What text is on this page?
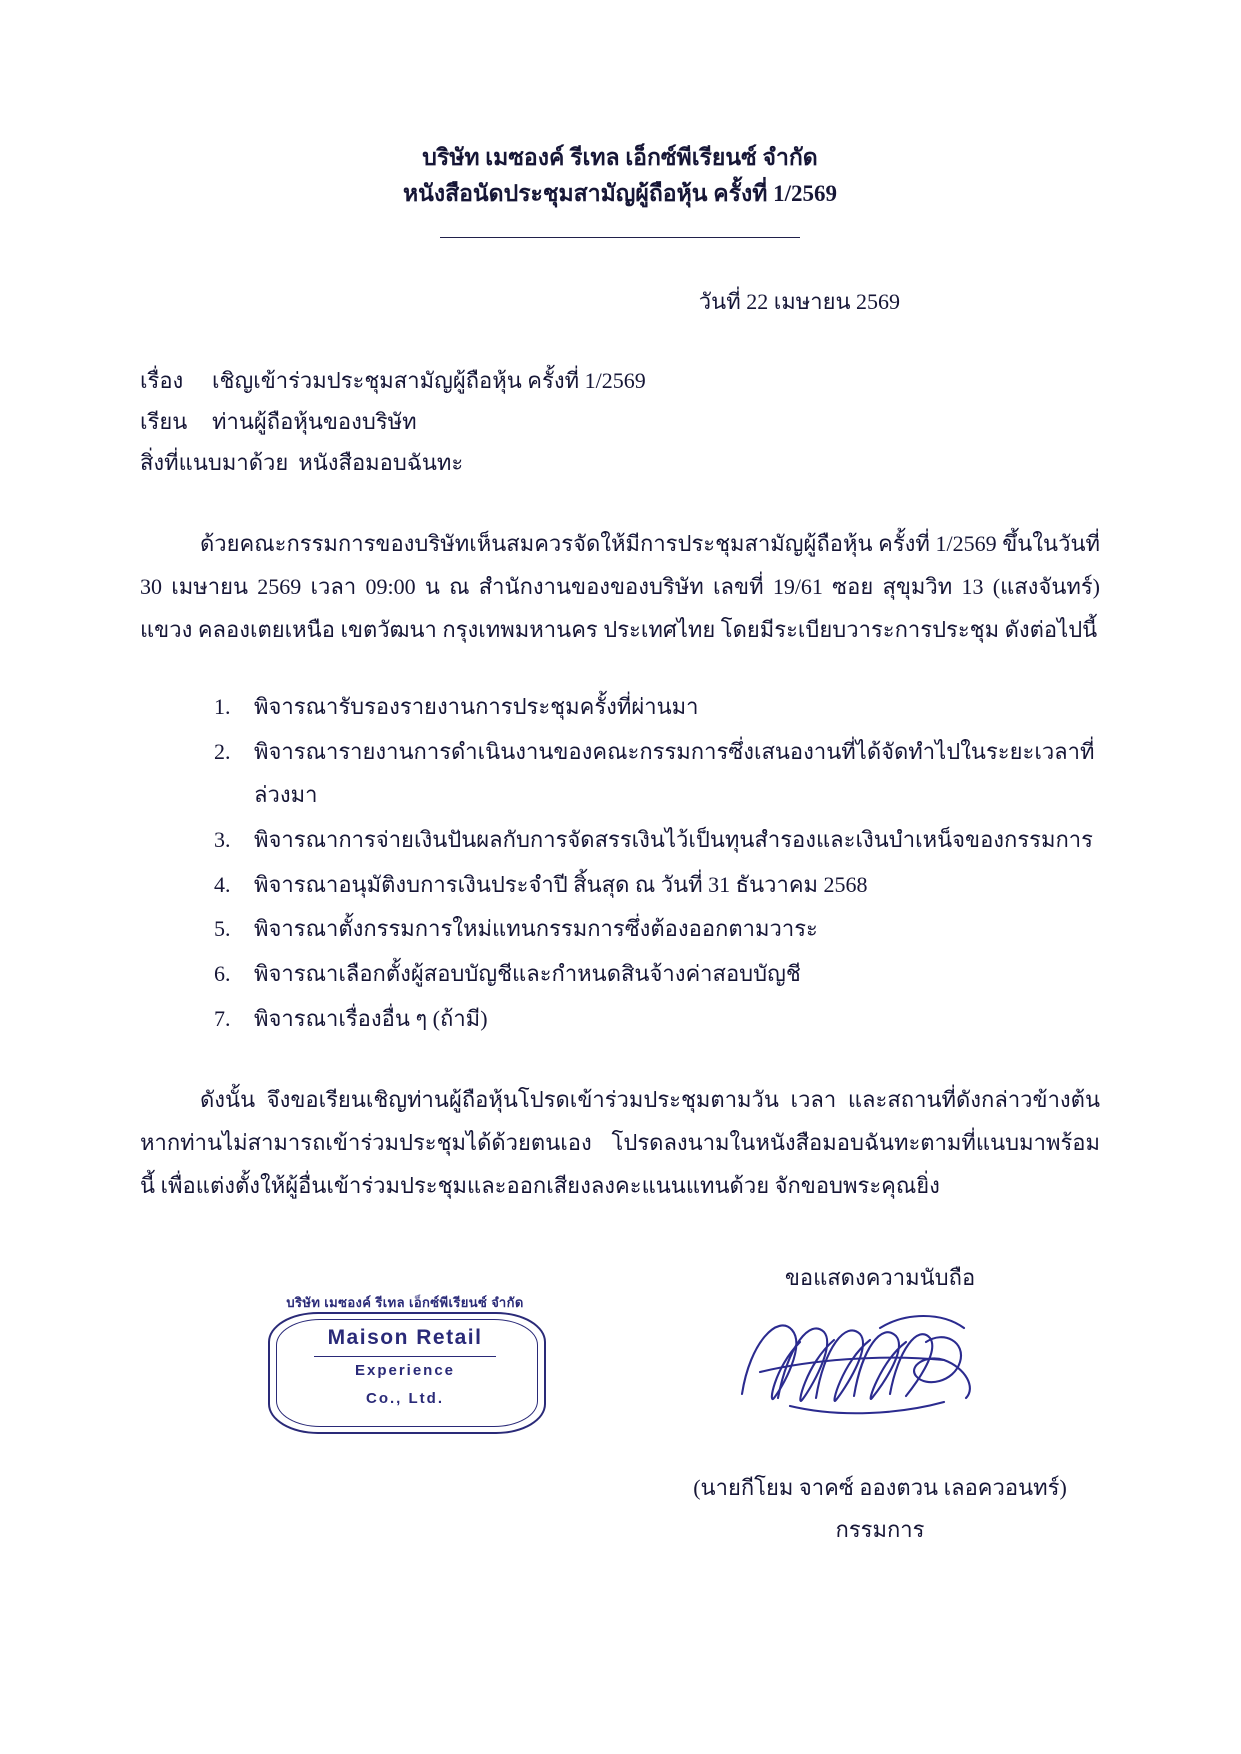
บริษัท เมซองค์ รีเทล เอ็กซ์พีเรียนซ์ จำกัด
หนังสือนัดประชุมสามัญผู้ถือหุ้น ครั้งที่ 1/2569
วันที่ 22 เมษายน 2569
เรื่อง	เชิญเข้าร่วมประชุมสามัญผู้ถือหุ้น ครั้งที่ 1/2569
เรียน	ท่านผู้ถือหุ้นของบริษัท
สิ่งที่แนบมาด้วย หนังสือมอบฉันทะ
ด้วยคณะกรรมการของบริษัทเห็นสมควรจัดให้มีการประชุมสามัญผู้ถือหุ้น ครั้งที่ 1/2569 ขึ้นในวันที่ 30 เมษายน 2569 เวลา 09:00 น ณ สำนักงานของของบริษัท เลขที่ 19/61 ซอย สุขุมวิท 13 (แสงจันทร์) แขวง คลองเตยเหนือ เขตวัฒนา กรุงเทพมหานคร ประเทศไทย โดยมีระเบียบวาระการประชุม ดังต่อไปนี้
1. พิจารณารับรองรายงานการประชุมครั้งที่ผ่านมา
2. พิจารณารายงานการดำเนินงานของคณะกรรมการซึ่งเสนองานที่ได้จัดทำไปในระยะเวลาที่ล่วงมา
3. พิจารณาการจ่ายเงินปันผลกับการจัดสรรเงินไว้เป็นทุนสำรองและเงินบำเหน็จของกรรมการ
4. พิจารณาอนุมัติงบการเงินประจำปี สิ้นสุด ณ วันที่ 31 ธันวาคม 2568
5. พิจารณาตั้งกรรมการใหม่แทนกรรมการซึ่งต้องออกตามวาระ
6. พิจารณาเลือกตั้งผู้สอบบัญชีและกำหนดสินจ้างค่าสอบบัญชี
7. พิจารณาเรื่องอื่น ๆ (ถ้ามี)
ดังนั้น จึงขอเรียนเชิญท่านผู้ถือหุ้นโปรดเข้าร่วมประชุมตามวัน เวลา และสถานที่ดังกล่าวข้างต้น หากท่านไม่สามารถเข้าร่วมประชุมได้ด้วยตนเอง โปรดลงนามในหนังสือมอบฉันทะตามที่แนบมาพร้อมนี้ เพื่อแต่งตั้งให้ผู้อื่นเข้าร่วมประชุมและออกเสียงลงคะแนนแทนด้วย จักขอบพระคุณยิ่ง
ขอแสดงความนับถือ
บริษัท เมซองค์ รีเทล เอ็กซ์พีเรียนซ์ จำกัด
Maison Retail
Experience
Co., Ltd.
(นายกีโยม จาคซ์ อองตวน เลอควอนทร์)
กรรมการ
